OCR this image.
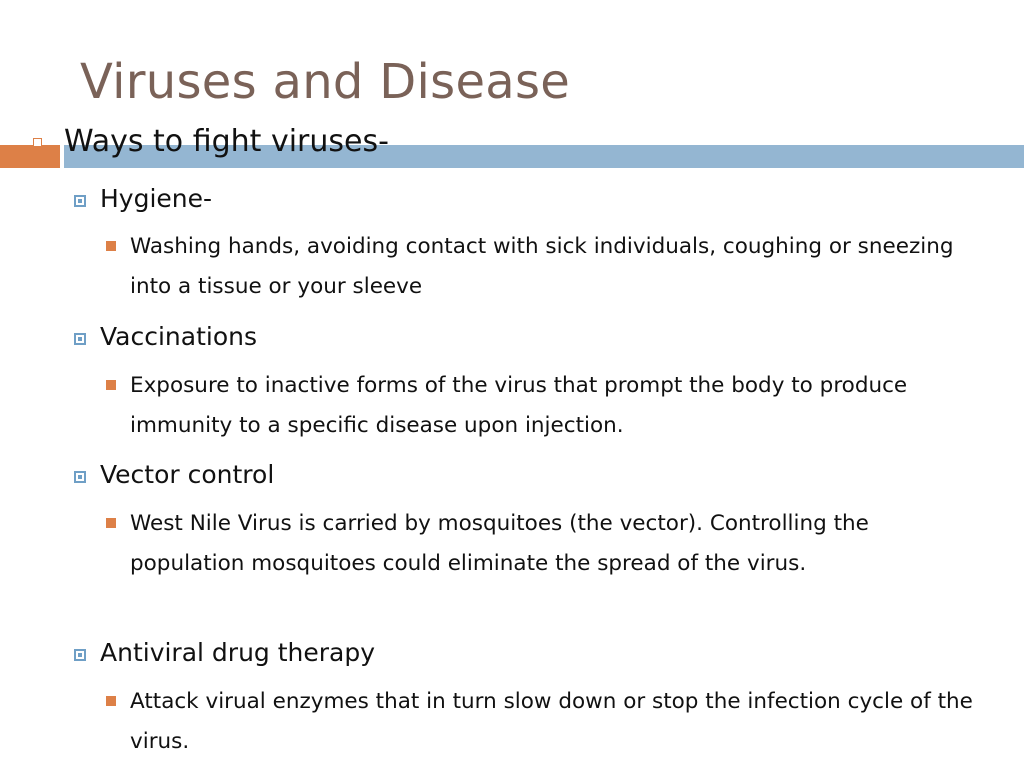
Viruses and Disease
Ways to fight viruses-
Hygiene-
Washing hands, avoiding contact with sick individuals, coughing or sneezing into a tissue or your sleeve
Vaccinations
Exposure to inactive forms of the virus that prompt the body to produce immunity to a specific disease upon injection.
Vector control
West Nile Virus is carried by mosquitoes (the vector). Controlling the population mosquitoes could eliminate the spread of the virus.
Antiviral drug therapy
Attack virual enzymes that in turn slow down or stop the infection cycle of the virus.
